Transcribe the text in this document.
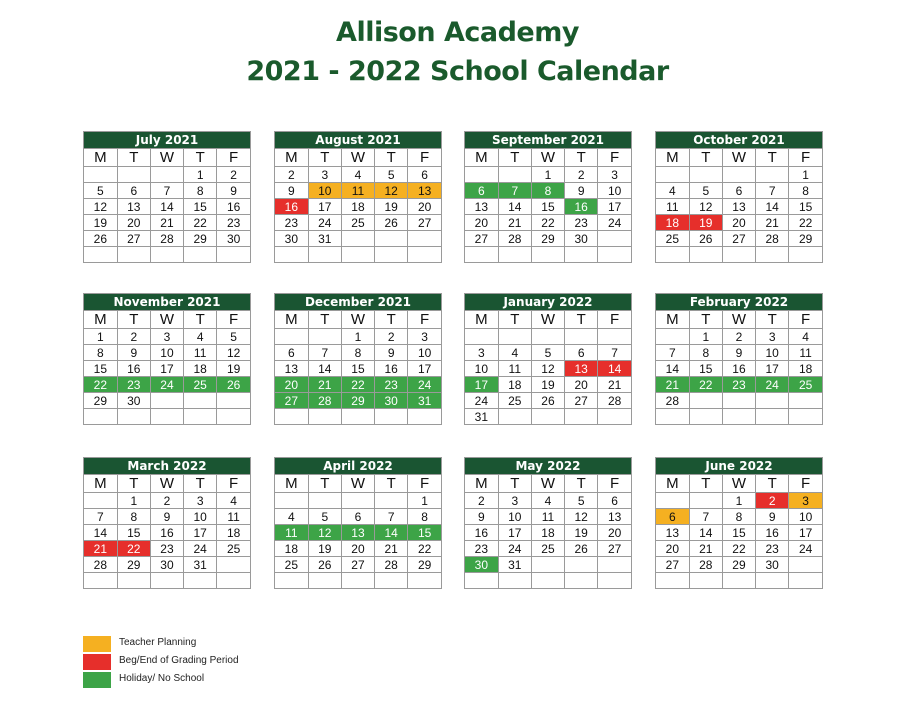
Allison Academy
2021 - 2022 School Calendar
July 2021
M	T	W	T	F
			1	2
5	6	7	8	9
12	13	14	15	16
19	20	21	22	23
26	27	28	29	30

August 2021
M	T	W	T	F
2	3	4	5	6
9	10	11	12	13
16	17	18	19	20
23	24	25	26	27
30	31			

September 2021
M	T	W	T	F
		1	2	3
6	7	8	9	10
13	14	15	16	17
20	21	22	23	24
27	28	29	30	

October 2021
M	T	W	T	F
				1
4	5	6	7	8
11	12	13	14	15
18	19	20	21	22
25	26	27	28	29

November 2021
M	T	W	T	F
1	2	3	4	5
8	9	10	11	12
15	16	17	18	19
22	23	24	25	26
29	30			

December 2021
M	T	W	T	F
		1	2	3
6	7	8	9	10
13	14	15	16	17
20	21	22	23	24
27	28	29	30	31

January 2022
M	T	W	T	F

3	4	5	6	7
10	11	12	13	14
17	18	19	20	21
24	25	26	27	28
31				
February 2022
M	T	W	T	F
	1	2	3	4
7	8	9	10	11
14	15	16	17	18
21	22	23	24	25
28				

March 2022
M	T	W	T	F
	1	2	3	4
7	8	9	10	11
14	15	16	17	18
21	22	23	24	25
28	29	30	31	

April 2022
M	T	W	T	F
				1
4	5	6	7	8
11	12	13	14	15
18	19	20	21	22
25	26	27	28	29

May 2022
M	T	W	T	F
2	3	4	5	6
9	10	11	12	13
16	17	18	19	20
23	24	25	26	27
30	31			

June 2022
M	T	W	T	F
		1	2	3
6	7	8	9	10
13	14	15	16	17
20	21	22	23	24
27	28	29	30	

Teacher Planning
Beg/End of Grading Period
Holiday/ No School
